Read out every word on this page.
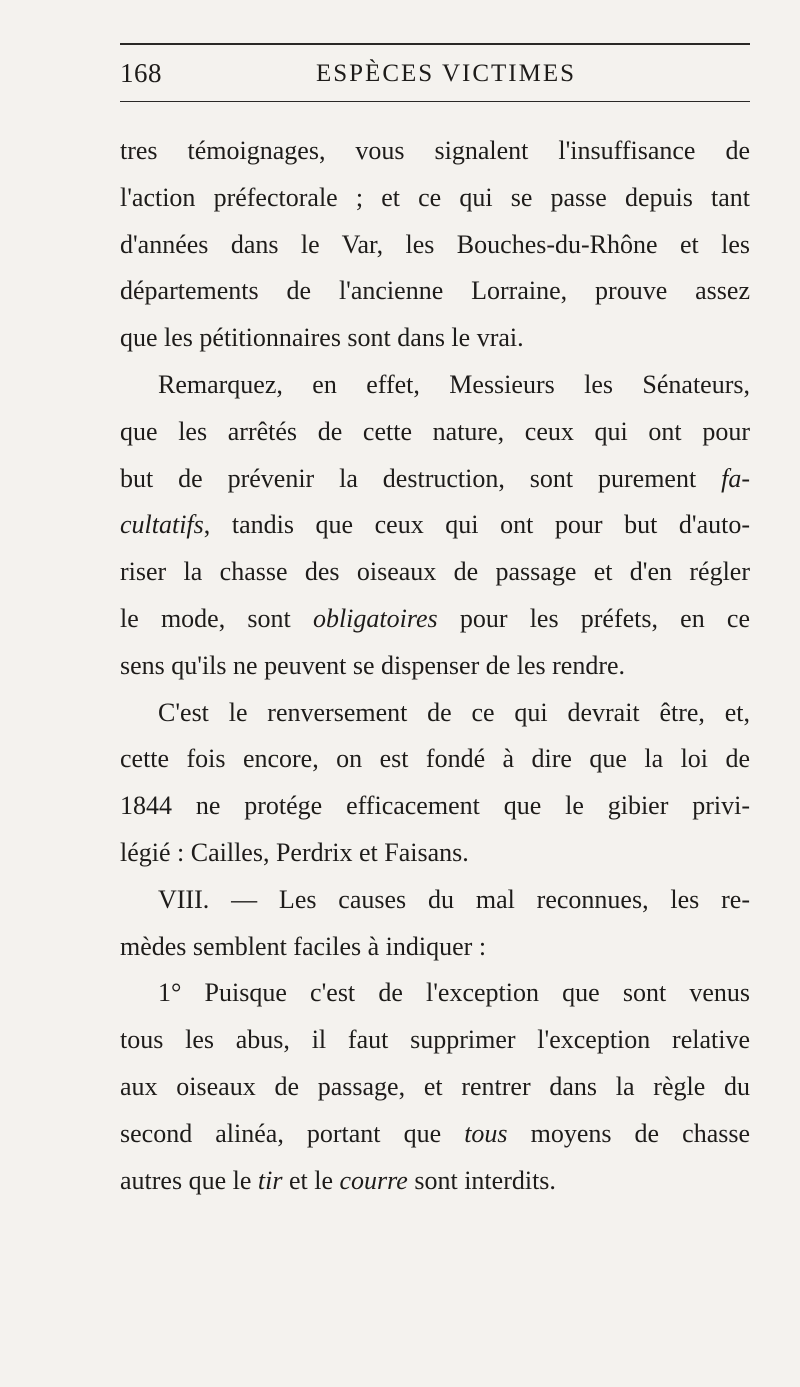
168	ESPÈCES VICTIMES
tres témoignages, vous signalent l'insuffisance de
l'action préfectorale ; et ce qui se passe depuis tant
d'années dans le Var, les Bouches-du-Rhône et les
départements de l'ancienne Lorraine, prouve assez
que les pétitionnaires sont dans le vrai.
Remarquez, en effet, Messieurs les Sénateurs,
que les arrêtés de cette nature, ceux qui ont pour
but de prévenir la destruction, sont purement fa-
cultatifs, tandis que ceux qui ont pour but d'auto-
riser la chasse des oiseaux de passage et d'en régler
le mode, sont obligatoires pour les préfets, en ce
sens qu'ils ne peuvent se dispenser de les rendre.
C'est le renversement de ce qui devrait être, et,
cette fois encore, on est fondé à dire que la loi de
1844 ne protége efficacement que le gibier privi-
légié : Cailles, Perdrix et Faisans.
VIII. — Les causes du mal reconnues, les re-
mèdes semblent faciles à indiquer :
1° Puisque c'est de l'exception que sont venus
tous les abus, il faut supprimer l'exception relative
aux oiseaux de passage, et rentrer dans la règle du
second alinéa, portant que tous moyens de chasse
autres que le tir et le courre sont interdits.
